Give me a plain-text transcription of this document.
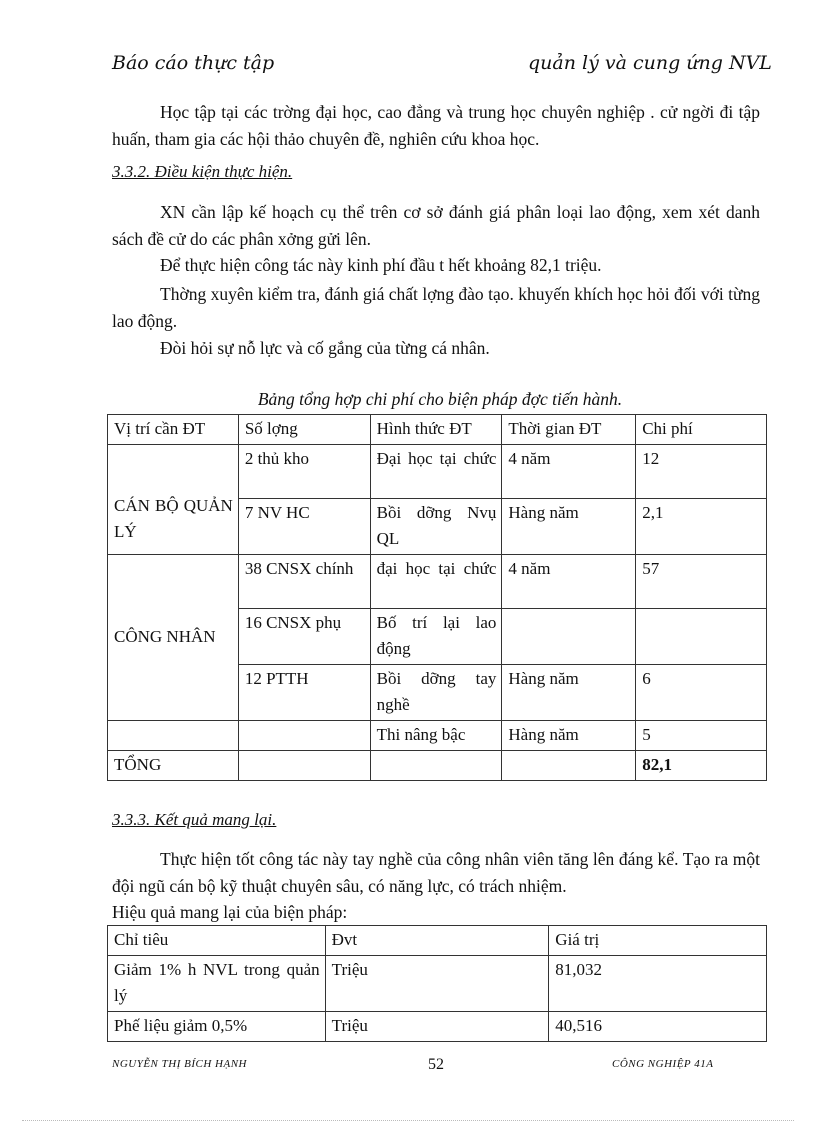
Báo cáo thực tập	quản lý và cung ứng NVL

Học tập tại các trờng đại học, cao đẳng và trung học chuyên nghiệp . cử ngời đi tập huấn, tham gia các hội thảo chuyên đề, nghiên cứu khoa học.

3.3.2. Điều kiện thực hiện.

XN cần lập kế hoạch cụ thể trên cơ sở đánh giá phân loại lao động, xem xét danh sách đề cử do các phân xởng gửi lên.

Để thực hiện công tác này kinh phí đầu t hết khoảng 82,1 triệu.

Thờng xuyên kiểm tra, đánh giá chất lợng đào tạo. khuyến khích học hỏi đối với từng lao động.

Đòi hỏi sự nỗ lực và cố gắng của từng cá nhân.

Bảng tổng hợp chi phí cho biện pháp đợc tiến hành.
Vị trí cần ĐT	Số lợng	Hình thức ĐT	Thời gian ĐT	Chi phí

CÁN BỘ QUẢN LÝ	2 thủ kho	Đại học tại chức	4 năm	12
	7 NV HC	Bồi dỡng Nvụ QL	Hàng năm	2,1
CÔNG NHÂN	38 CNSX chính	đại học tại chức	4 năm	57
	16 CNSX phụ	Bố trí lại lao động		
	12 PTTH	Bồi dỡng tay nghề	Hàng năm	6
		Thi nâng bậc	Hàng năm	5
TỔNG				82,1
3.3.3. Kết quả mang lại.

Thực hiện tốt công tác này tay nghề của công nhân viên tăng lên đáng kể. Tạo ra một đội ngũ cán bộ kỹ thuật chuyên sâu, có năng lực, có trách nhiệm.

Hiệu quả mang lại của biện pháp:

Chỉ tiêu	Đvt	Giá trị
Giảm 1% h NVL trong quản lý	Triệu	81,032
Phế liệu giảm 0,5%	Triệu	40,516
NGUYỄN THỊ BÍCH HẠNH	52	CÔNG NGHIỆP 41A
